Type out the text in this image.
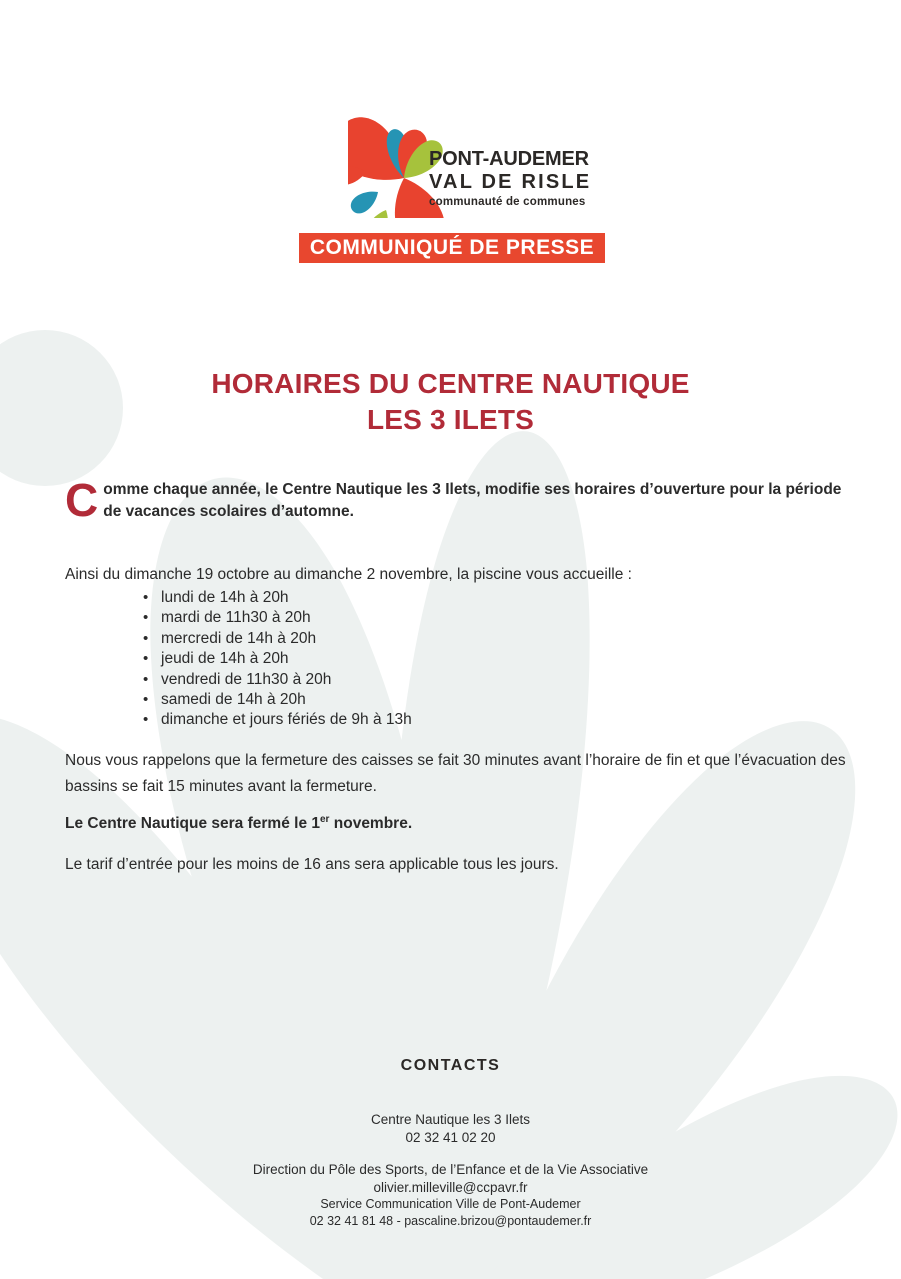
PONT-AUDEMER
VAL DE RISLE
communauté de communes
COMMUNIQUÉ DE PRESSE
HORAIRES DU CENTRE NAUTIQUE
LES 3 ILETS
Comme chaque année, le Centre Nautique les 3 Ilets, modifie ses horaires d’ouverture pour la période de vacances scolaires d’automne.
Ainsi du dimanche 19 octobre au dimanche 2 novembre, la piscine vous accueille :
• lundi de 14h à 20h
• mardi de 11h30 à 20h
• mercredi de 14h à 20h
• jeudi de 14h à 20h
• vendredi de 11h30 à 20h
• samedi de 14h à 20h
• dimanche et jours fériés de 9h à 13h
Nous vous rappelons que la fermeture des caisses se fait 30 minutes avant l’horaire de fin et que l’évacuation des bassins se fait 15 minutes avant la fermeture.
Le Centre Nautique sera fermé le 1er novembre.
Le tarif d’entrée pour les moins de 16 ans sera applicable tous les jours.
CONTACTS
Centre Nautique les 3 Ilets
02 32 41 02 20
Direction du Pôle des Sports, de l’Enfance et de la Vie Associative
olivier.milleville@ccpavr.fr
Service Communication Ville de Pont-Audemer
02 32 41 81 48 - pascaline.brizou@pontaudemer.fr
